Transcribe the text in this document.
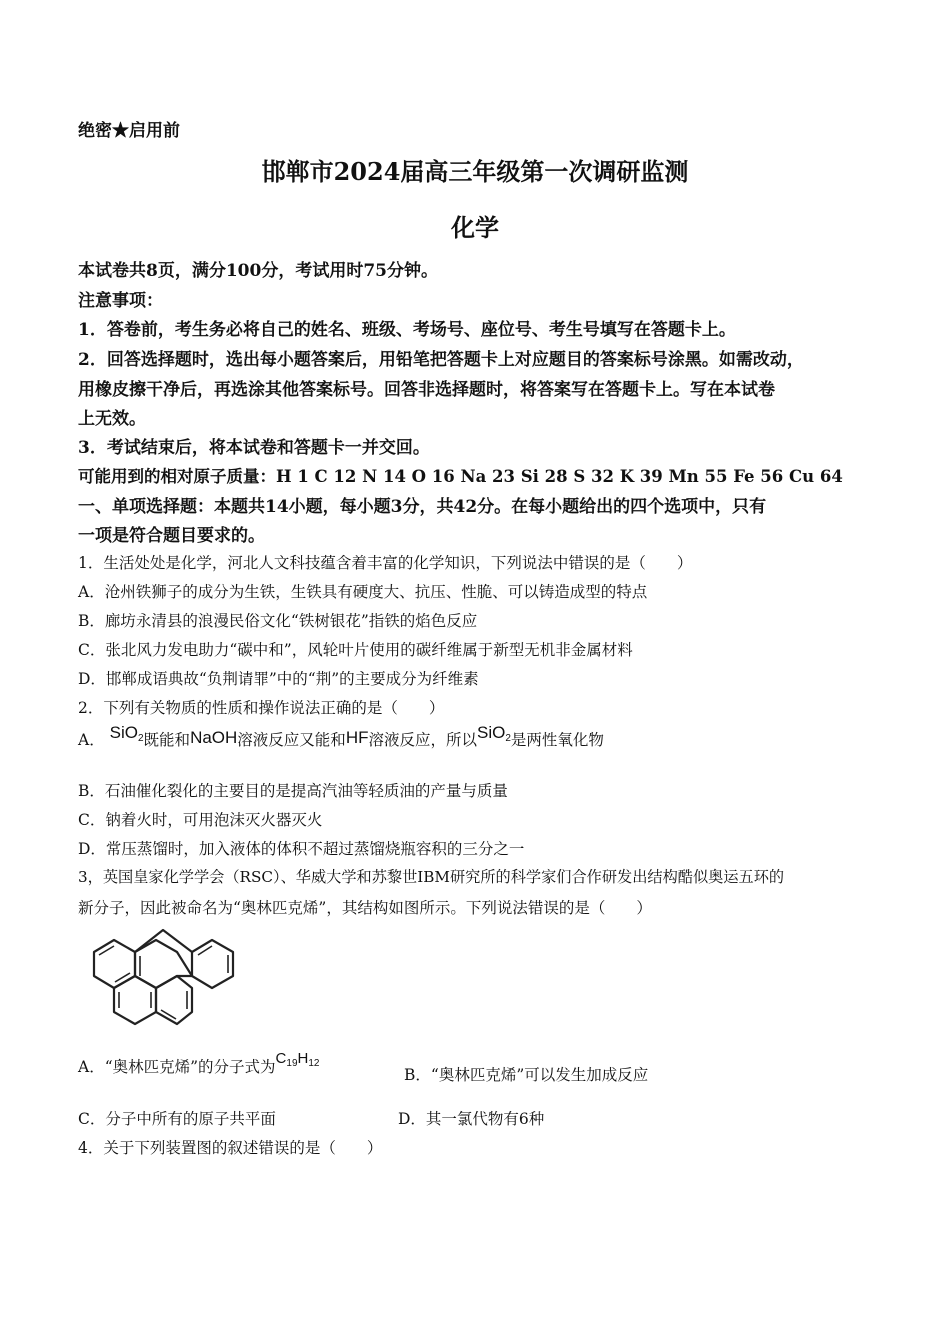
绝密★启用前
邯郸市2024届高三年级第一次调研监测
化学
本试卷共8页，满分100分，考试用时75分钟。
注意事项：
1．答卷前，考生务必将自己的姓名、班级、考场号、座位号、考生号填写在答题卡上。
2．回答选择题时，选出每小题答案后，用铅笔把答题卡上对应题目的答案标号涂黑。如需改动，
用橡皮擦干净后，再选涂其他答案标号。回答非选择题时，将答案写在答题卡上。写在本试卷
上无效。
3．考试结束后，将本试卷和答题卡一并交回。
可能用到的相对原子质量：H 1 C 12 N 14 O 16 Na 23 Si 28 S 32 K 39 Mn 55 Fe 56 Cu 64
一、单项选择题：本题共14小题，每小题3分，共42分。在每小题给出的四个选项中，只有
一项是符合题目要求的。
1．生活处处是化学，河北人文科技蕴含着丰富的化学知识，下列说法中错误的是（　　）
A．沧州铁狮子的成分为生铁，生铁具有硬度大、抗压、性脆、可以铸造成型的特点
B．廊坊永清县的浪漫民俗文化“铁树银花”指铁的焰色反应
C．张北风力发电助力“碳中和”，风轮叶片使用的碳纤维属于新型无机非金属材料
D．邯郸成语典故“负荆请罪”中的“荆”的主要成分为纤维素
2．下列有关物质的性质和操作说法正确的是（　　）
A． SiO$_2$既能和NaOH溶液反应又能和HF溶液反应，所以SiO$_2$是两性氧化物
B．石油催化裂化的主要目的是提高汽油等轻质油的产量与质量
C．钠着火时，可用泡沫灭火器灭火
D．常压蒸馏时，加入液体的体积不超过蒸馏烧瓶容积的三分之一
3，英国皇家化学学会（RSC）、华威大学和苏黎世IBM研究所的科学家们合作研发出结构酷似奥运五环的
新分子，因此被命名为“奥林匹克烯”，其结构如图所示。下列说法错误的是（　　）
A．“奥林匹克烯”的分子式为$C_{19}H_{12}$
B．“奥林匹克烯”可以发生加成反应
C．分子中所有的原子共平面	D．其一氯代物有6种
4．关于下列装置图的叙述错误的是（　　）
